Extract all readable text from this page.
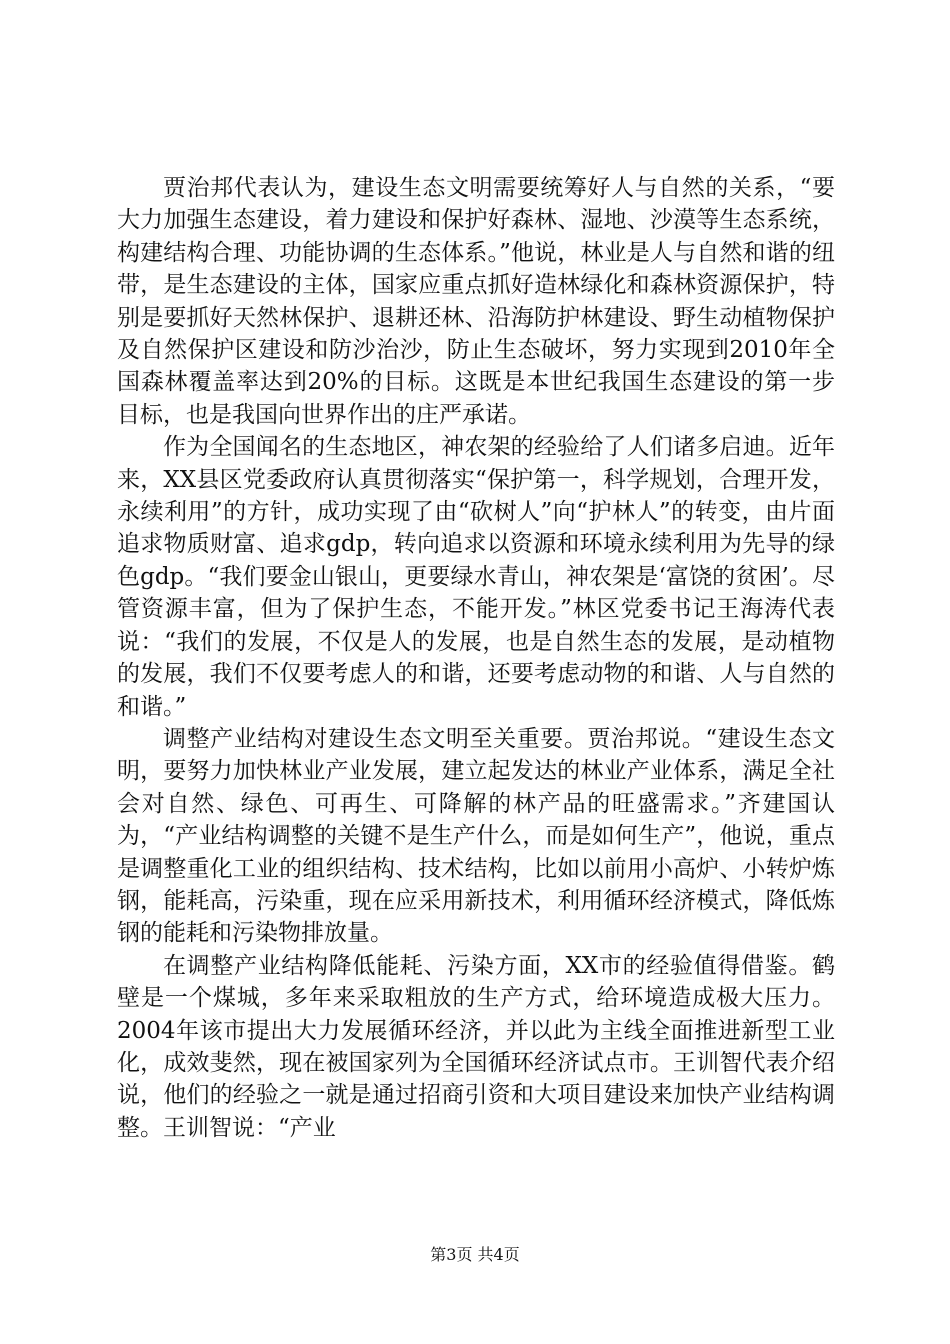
贾治邦代表认为，建设生态文明需要统筹好人与自然的关系，“要大力加强生态建设，着力建设和保护好森林、湿地、沙漠等生态系统，构建结构合理、功能协调的生态体系。”他说，林业是人与自然和谐的纽带，是生态建设的主体，国家应重点抓好造林绿化和森林资源保护，特别是要抓好天然林保护、退耕还林、沿海防护林建设、野生动植物保护及自然保护区建设和防沙治沙，防止生态破坏，努力实现到2010年全国森林覆盖率达到20%的目标。这既是本世纪我国生态建设的第一步目标，也是我国向世界作出的庄严承诺。

作为全国闻名的生态地区，神农架的经验给了人们诸多启迪。近年来，XX县区党委政府认真贯彻落实“保护第一，科学规划，合理开发，永续利用”的方针，成功实现了由“砍树人”向“护林人”的转变，由片面追求物质财富、追求gdp，转向追求以资源和环境永续利用为先导的绿色gdp。“我们要金山银山，更要绿水青山，神农架是‘富饶的贫困’。尽管资源丰富，但为了保护生态，不能开发。”林区党委书记王海涛代表说：“我们的发展，不仅是人的发展，也是自然生态的发展，是动植物的发展，我们不仅要考虑人的和谐，还要考虑动物的和谐、人与自然的和谐。”

调整产业结构对建设生态文明至关重要。贾治邦说。“建设生态文明，要努力加快林业产业发展，建立起发达的林业产业体系，满足全社会对自然、绿色、可再生、可降解的林产品的旺盛需求。”齐建国认为，“产业结构调整的关键不是生产什么，而是如何生产”，他说，重点是调整重化工业的组织结构、技术结构，比如以前用小高炉、小转炉炼钢，能耗高，污染重，现在应采用新技术，利用循环经济模式，降低炼钢的能耗和污染物排放量。

在调整产业结构降低能耗、污染方面，XX市的经验值得借鉴。鹤壁是一个煤城，多年来采取粗放的生产方式，给环境造成极大压力。2004年该市提出大力发展循环经济，并以此为主线全面推进新型工业化，成效斐然，现在被国家列为全国循环经济试点市。王训智代表介绍说，他们的经验之一就是通过招商引资和大项目建设来加快产业结构调整。王训智说：“产业

第3页 共4页
